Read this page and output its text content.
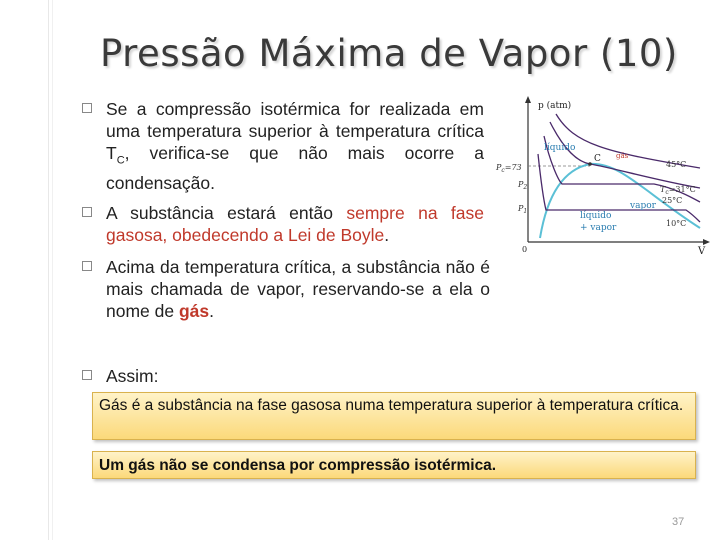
Pressão Máxima de Vapor (10)
Se a compressão isotérmica for realizada em uma temperatura superior à temperatura crítica $T_C$, verifica-se que não mais ocorre a condensação.
A substância estará então sempre na fase gasosa, obedecendo a Lei de Boyle.
Acima da temperatura crítica, a substância não é mais chamada de vapor, reservando-se a ela o nome de gás.
Assim:
Gás é a substância na fase gasosa numa temperatura superior à temperatura crítica.
Um gás não se condensa por compressão isotérmica.
37
p (atm)
V
0
$P_c=73$
$P_2$
$P_1$
C
líquido
gás
vapor
líquido
+ vapor
45°C
$T_c=31^\circ C$
25°C
10°C
